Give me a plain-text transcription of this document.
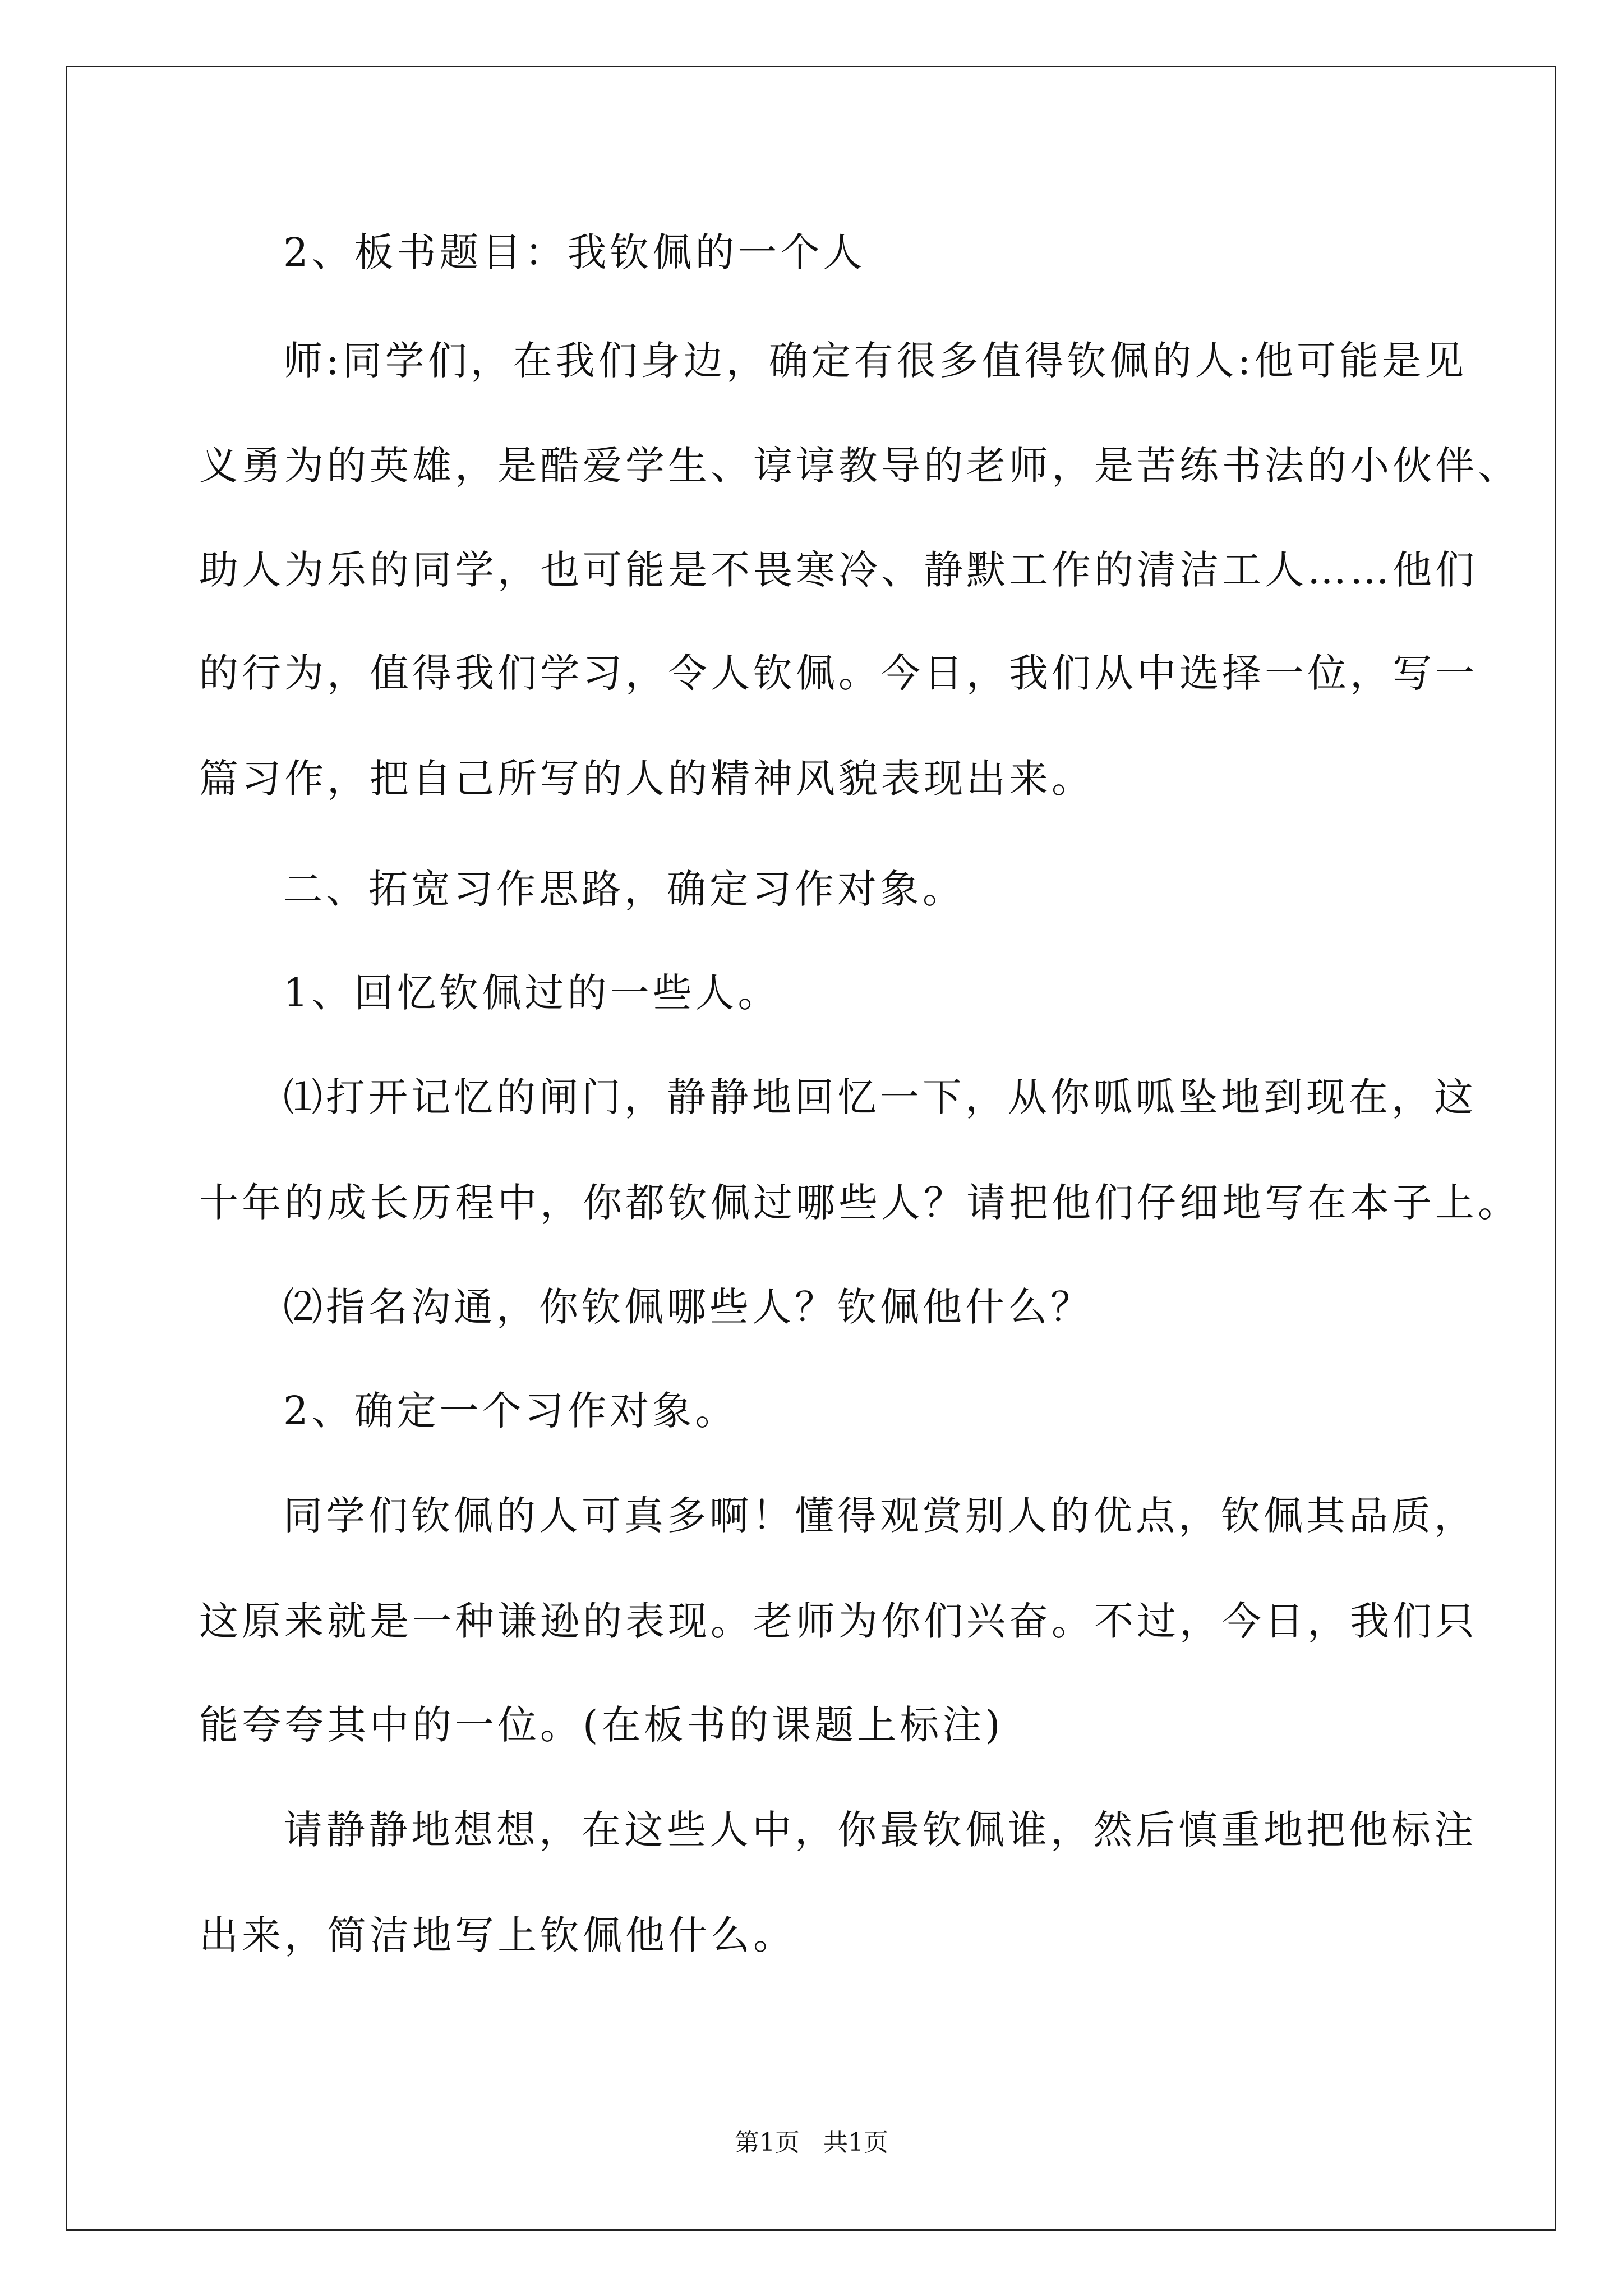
2、板书题目：我钦佩的一个人
师:同学们，在我们身边，确定有很多值得钦佩的人:他可能是见
义勇为的英雄，是酷爱学生、谆谆教导的老师，是苦练书法的小伙伴、
助人为乐的同学，也可能是不畏寒冷、静默工作的清洁工人……他们
的行为，值得我们学习，令人钦佩。今日，我们从中选择一位，写一
篇习作，把自己所写的人的精神风貌表现出来。
二、拓宽习作思路，确定习作对象。
1、回忆钦佩过的一些人。
⑴打开记忆的闸门，静静地回忆一下，从你呱呱坠地到现在，这
十年的成长历程中，你都钦佩过哪些人？请把他们仔细地写在本子上。
⑵指名沟通，你钦佩哪些人？钦佩他什么？
2、确定一个习作对象。
同学们钦佩的人可真多啊！懂得观赏别人的优点，钦佩其品质，
这原来就是一种谦逊的表现。老师为你们兴奋。不过，今日，我们只
能夸夸其中的一位。(在板书的课题上标注)
请静静地想想，在这些人中，你最钦佩谁，然后慎重地把他标注
出来，简洁地写上钦佩他什么。
第1页   共1页
